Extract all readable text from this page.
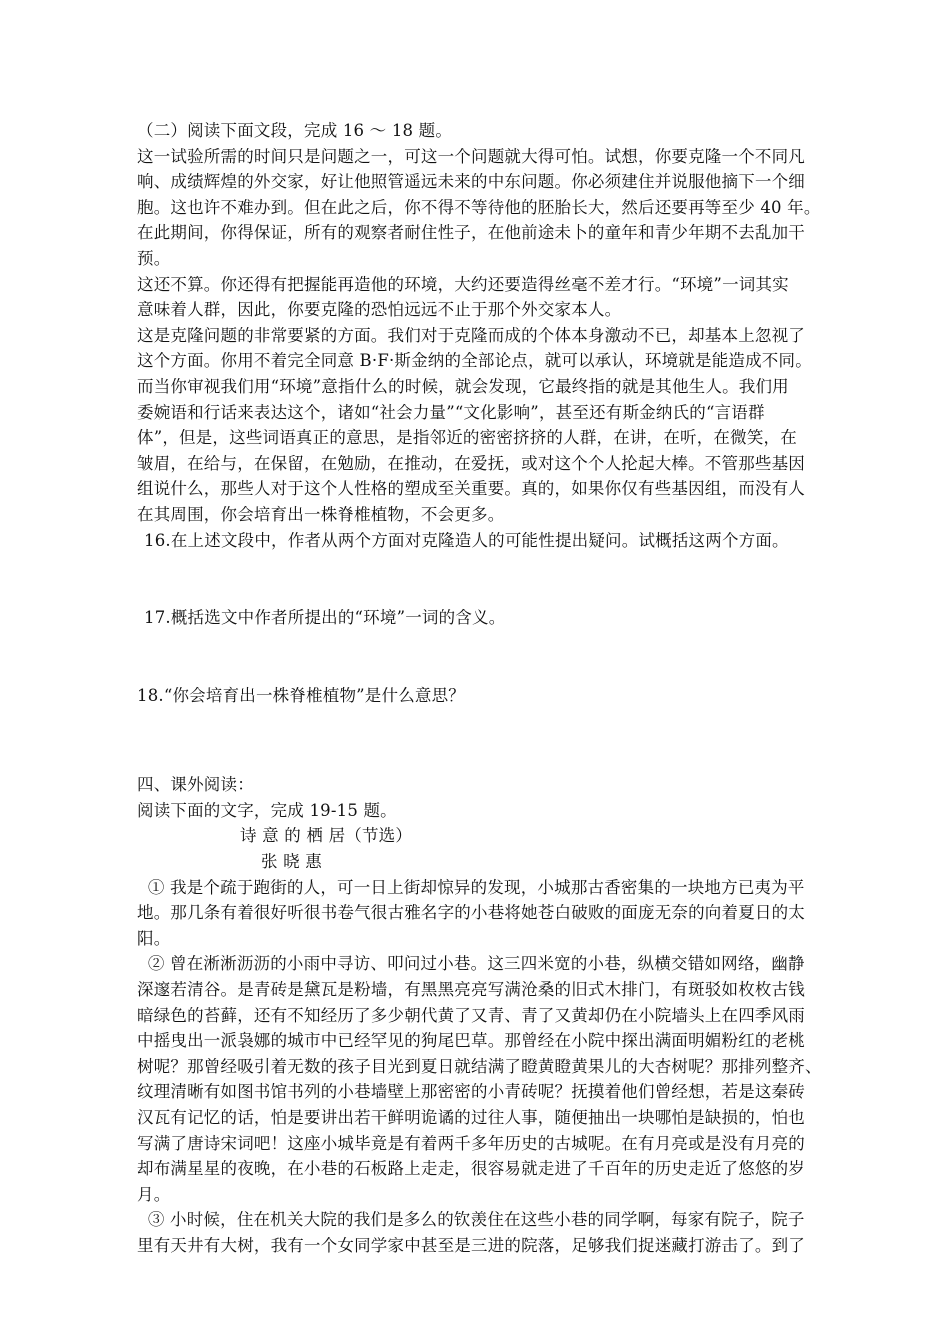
（二）阅读下面文段，完成 16 ～ 18 题。
这一试验所需的时间只是问题之一，可这一个问题就大得可怕。试想，你要克隆一个不同凡
响、成绩辉煌的外交家，好让他照管遥远未来的中东问题。你必须建住并说服他摘下一个细
胞。这也许不难办到。但在此之后，你不得不等待他的胚胎长大，然后还要再等至少 40 年。
在此期间，你得保证，所有的观察者耐住性子，在他前途未卜的童年和青少年期不去乱加干
预。
这还不算。你还得有把握能再造他的环境，大约还要造得丝毫不差才行。“环境”一词其实
意味着人群，因此，你要克隆的恐怕远远不止于那个外交家本人。
这是克隆问题的非常要紧的方面。我们对于克隆而成的个体本身激动不已，却基本上忽视了
这个方面。你用不着完全同意 B·F·斯金纳的全部论点，就可以承认，环境就是能造成不同。
而当你审视我们用“环境”意指什么的时候，就会发现，它最终指的就是其他生人。我们用
委婉语和行话来表达这个，诸如“社会力量”“文化影响”，甚至还有斯金纳氏的“言语群
体”，但是，这些词语真正的意思，是指邻近的密密挤挤的人群，在讲，在听，在微笑，在
皱眉，在给与，在保留，在勉励，在推动，在爱抚，或对这个个人抡起大棒。不管那些基因
组说什么，那些人对于这个人性格的塑成至关重要。真的，如果你仅有些基因组，而没有人
在其周围，你会培育出一株脊椎植物，不会更多。
16.在上述文段中，作者从两个方面对克隆造人的可能性提出疑问。试概括这两个方面。
17.概括选文中作者所提出的“环境”一词的含义。
18.“你会培育出一株脊椎植物”是什么意思？
四、课外阅读：
阅读下面的文字，完成 19-15 题。
诗 意 的 栖 居（节选）
张 晓 惠
① 我是个疏于跑街的人，可一日上街却惊异的发现，小城那古香密集的一块地方已夷为平
地。那几条有着很好听很书卷气很古雅名字的小巷将她苍白破败的面庞无奈的向着夏日的太
阳。
② 曾在淅淅沥沥的小雨中寻访、叩问过小巷。这三四米宽的小巷，纵横交错如网络，幽静
深邃若清谷。是青砖是黛瓦是粉墙，有黑黑亮亮写满沧桑的旧式木排门，有斑驳如枚枚古钱
暗绿色的苔藓，还有不知经历了多少朝代黄了又青、青了又黄却仍在小院墙头上在四季风雨
中摇曳出一派袅娜的城市中已经罕见的狗尾巴草。那曾经在小院中探出满面明媚粉红的老桃
树呢？那曾经吸引着无数的孩子目光到夏日就结满了瞪黄瞪黄果儿的大杏树呢？那排列整齐、
纹理清晰有如图书馆书列的小巷墙壁上那密密的小青砖呢？抚摸着他们曾经想，若是这秦砖
汉瓦有记忆的话，怕是要讲出若干鲜明诡谲的过往人事，随便抽出一块哪怕是缺损的，怕也
写满了唐诗宋词吧！这座小城毕竟是有着两千多年历史的古城呢。在有月亮或是没有月亮的
却布满星星的夜晚，在小巷的石板路上走走，很容易就走进了千百年的历史走近了悠悠的岁
月。
③ 小时候，住在机关大院的我们是多么的钦羡住在这些小巷的同学啊，每家有院子，院子
里有天井有大树，我有一个女同学家中甚至是三进的院落，足够我们捉迷藏打游击了。到了
